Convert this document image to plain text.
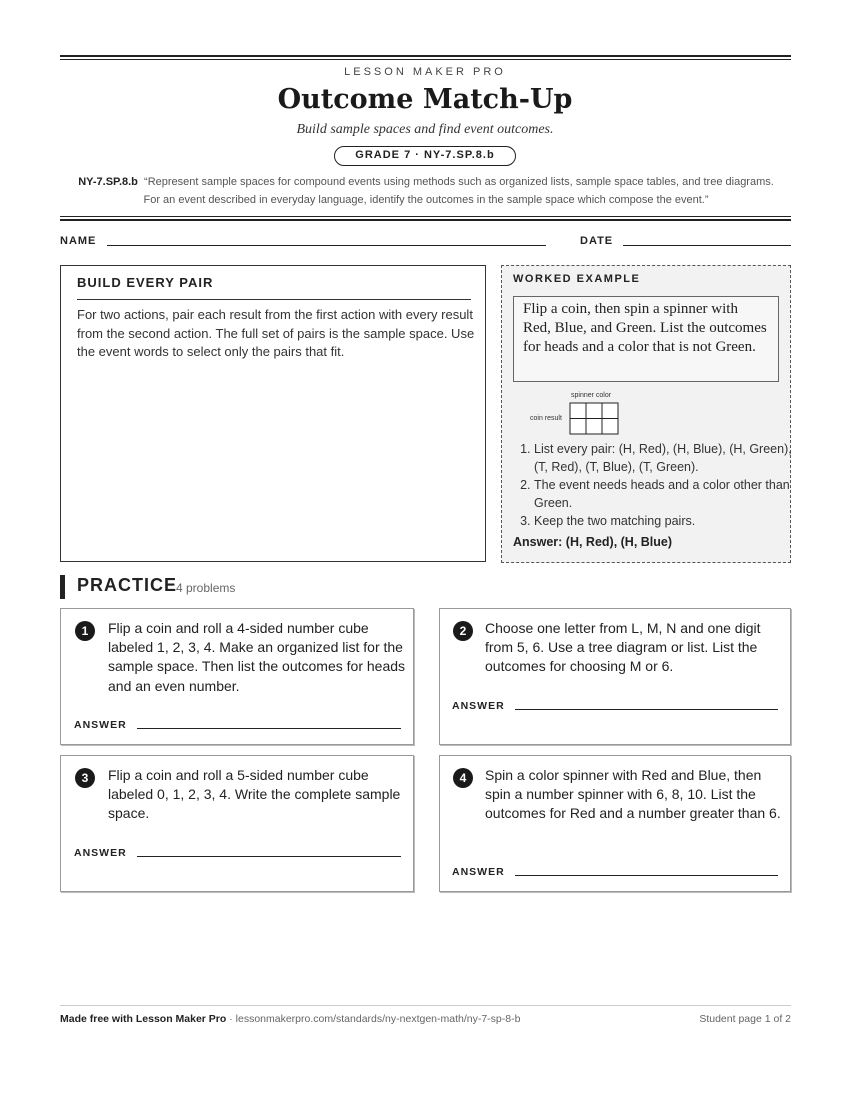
LESSON MAKER PRO
Outcome Match-Up
Build sample spaces and find event outcomes.
GRADE 7 · NY-7.SP.8.b
NY-7.SP.8.b “Represent sample spaces for compound events using methods such as organized lists, sample space tables, and tree diagrams. For an event described in everyday language, identify the outcomes in the sample space which compose the event.”
NAME	DATE
BUILD EVERY PAIR
For two actions, pair each result from the first action with every result from the second action. The full set of pairs is the sample space. Use the event words to select only the pairs that fit.
WORKED EXAMPLE
Flip a coin, then spin a spinner with Red, Blue, and Green. List the outcomes for heads and a color that is not Green.
spinner color
coin result
1. List every pair: (H, Red), (H, Blue), (H, Green), (T, Red), (T, Blue), (T, Green).
2. The event needs heads and a color other than Green.
3. Keep the two matching pairs.
Answer: (H, Red), (H, Blue)
PRACTICE
4 problems
1	Flip a coin and roll a 4-sided number cube labeled 1, 2, 3, 4. Make an organized list for the sample space. Then list the outcomes for heads and an even number.
ANSWER
2	Choose one letter from L, M, N and one digit from 5, 6. Use a tree diagram or list. List the outcomes for choosing M or 6.
ANSWER
3	Flip a coin and roll a 5-sided number cube labeled 0, 1, 2, 3, 4. Write the complete sample space.
ANSWER
4	Spin a color spinner with Red and Blue, then spin a number spinner with 6, 8, 10. List the outcomes for Red and a number greater than 6.
ANSWER
Made free with Lesson Maker Pro · lessonmakerpro.com/standards/ny-nextgen-math/ny-7-sp-8-b	Student page 1 of 2
